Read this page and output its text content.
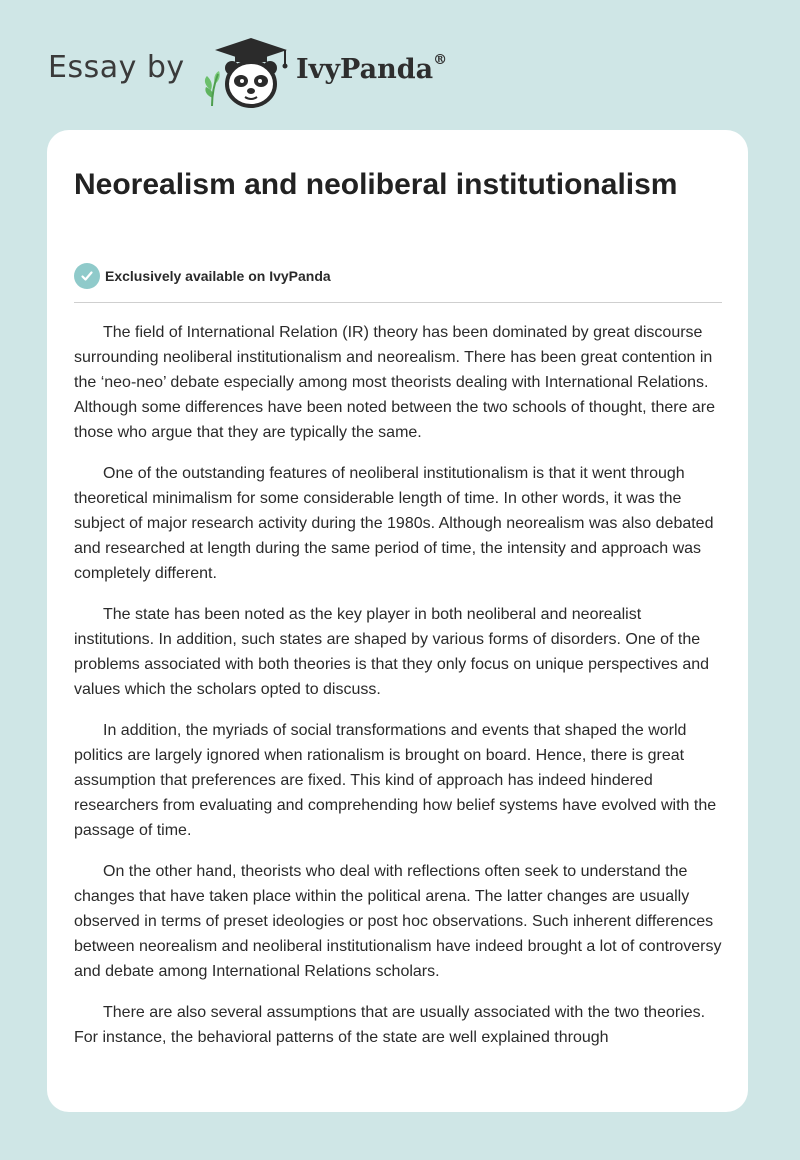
Essay by	IvyPanda®
Neorealism and neoliberal institutionalism
Exclusively available on IvyPanda

The field of International Relation (IR) theory has been dominated by great discourse surrounding neoliberal institutionalism and neorealism. There has been great contention in the ‘neo-neo’ debate especially among most theorists dealing with International Relations. Although some differences have been noted between the two schools of thought, there are those who argue that they are typically the same.

One of the outstanding features of neoliberal institutionalism is that it went through theoretical minimalism for some considerable length of time. In other words, it was the subject of major research activity during the 1980s. Although neorealism was also debated and researched at length during the same period of time, the intensity and approach was completely different.

The state has been noted as the key player in both neoliberal and neorealist institutions. In addition, such states are shaped by various forms of disorders. One of the problems associated with both theories is that they only focus on unique perspectives and values which the scholars opted to discuss.

In addition, the myriads of social transformations and events that shaped the world politics are largely ignored when rationalism is brought on board. Hence, there is great assumption that preferences are fixed. This kind of approach has indeed hindered researchers from evaluating and comprehending how belief systems have evolved with the passage of time.

On the other hand, theorists who deal with reflections often seek to understand the changes that have taken place within the political arena. The latter changes are usually observed in terms of preset ideologies or post hoc observations. Such inherent differences between neorealism and neoliberal institutionalism have indeed brought a lot of controversy and debate among International Relations scholars.

There are also several assumptions that are usually associated with the two theories. For instance, the behavioral patterns of the state are well explained through
